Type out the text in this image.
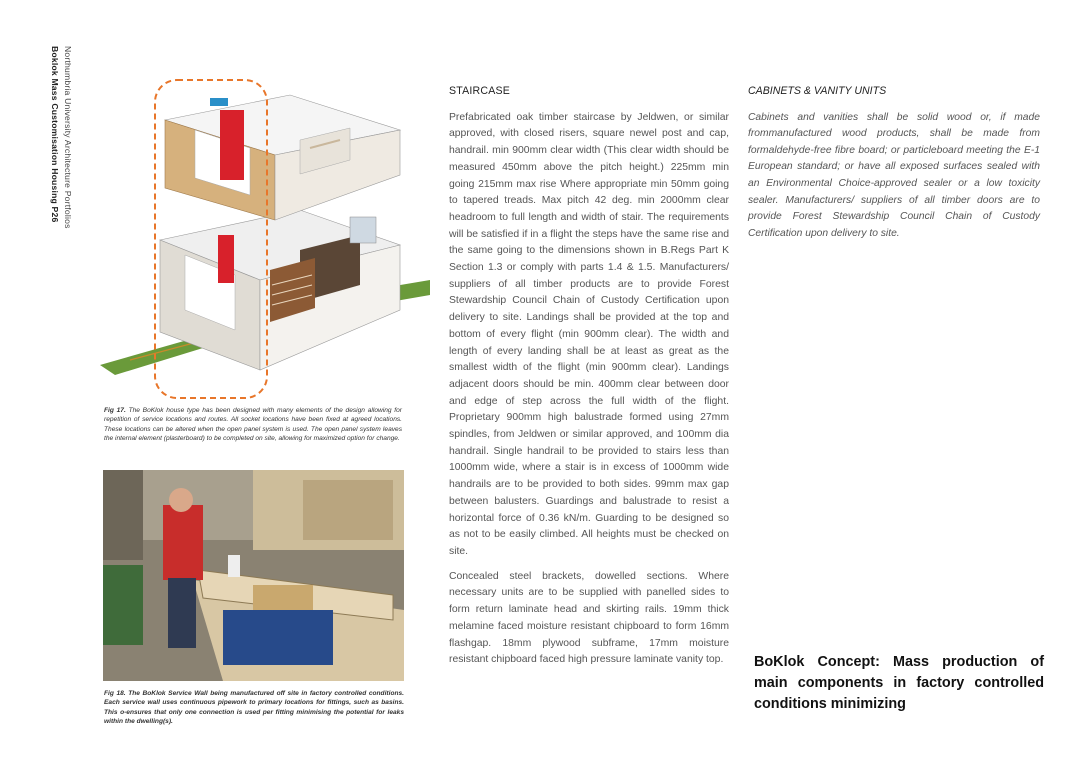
Northumbria University Architecture Portfolios
Boklok Mass Customisation Housing P26
Fig 17. The BoKlok house type has been designed with many elements of the design allowing for repetition of service locations and routes. All socket locations have been fixed at agreed locations. These locations can be altered when the open panel system is used. The open panel system leaves the internal element (plasterboard) to be completed on site, allowing for maximized option for change.
Fig 18. The BoKlok Service Wall being manufactured off site in factory controlled conditions. Each service wall uses continuous pipework to primary locations for fittings, such as basins. This o-ensures that only one connection is used per fitting minimising the potential for leaks within the dwelling(s).
STAIRCASE

Prefabricated oak timber staircase by Jeldwen, or similar approved, with closed risers, square newel post and cap, handrail. min 900mm clear width (This clear width should be measured 450mm above the pitch height.) 225mm min going 215mm max rise Where appropriate min 50mm going to tapered treads. Max pitch 42 deg. min 2000mm clear headroom to full length and width of stair. The requirements will be satisfied if in a flight the steps have the same rise and the same going to the dimensions shown in B.Regs Part K Section 1.3 or comply with parts 1.4 & 1.5. Manufacturers/ suppliers of all timber products are to provide Forest Stewardship Council Chain of Custody Certification upon delivery to site. Landings shall be provided at the top and bottom of every flight (min 900mm clear). The width and length of every landing shall be at least as great as the smallest width of the flight (min 900mm clear). Landings adjacent doors should be min. 400mm clear between door and edge of step across the full width of the flight. Proprietary 900mm high balustrade formed using 27mm spindles, from Jeldwen or similar approved, and 100mm dia handrail. Single handrail to be provided to stairs less than 1000mm wide, where a stair is in excess of 1000mm wide handrails are to be provided to both sides. 99mm max gap between balusters. Guardings and balustrade to resist a horizontal force of 0.36 kN/m. Guarding to be designed so as not to be easily climbed. All heights must be checked on site.

Concealed steel brackets, dowelled sections. Where necessary units are to be supplied with panelled sides to form return laminate head and skirting rails. 19mm thick melamine faced moisture resistant chipboard to form 16mm flashgap. 18mm plywood subframe, 17mm moisture resistant chipboard faced high pressure laminate vanity top.

CABINETS & VANITY UNITS

Cabinets and vanities shall be solid wood or, if made frommanufactured wood products, shall be made from formaldehyde-free fibre board; or particleboard meeting the E-1 European standard; or have all exposed surfaces sealed with an Environmental Choice-approved sealer or a low toxicity sealer. Manufacturers/ suppliers of all timber doors are to provide Forest Stewardship Council Chain of Custody Certification upon delivery to site.

BoKlok Concept: Mass production of main components in factory controlled conditions minimizing
